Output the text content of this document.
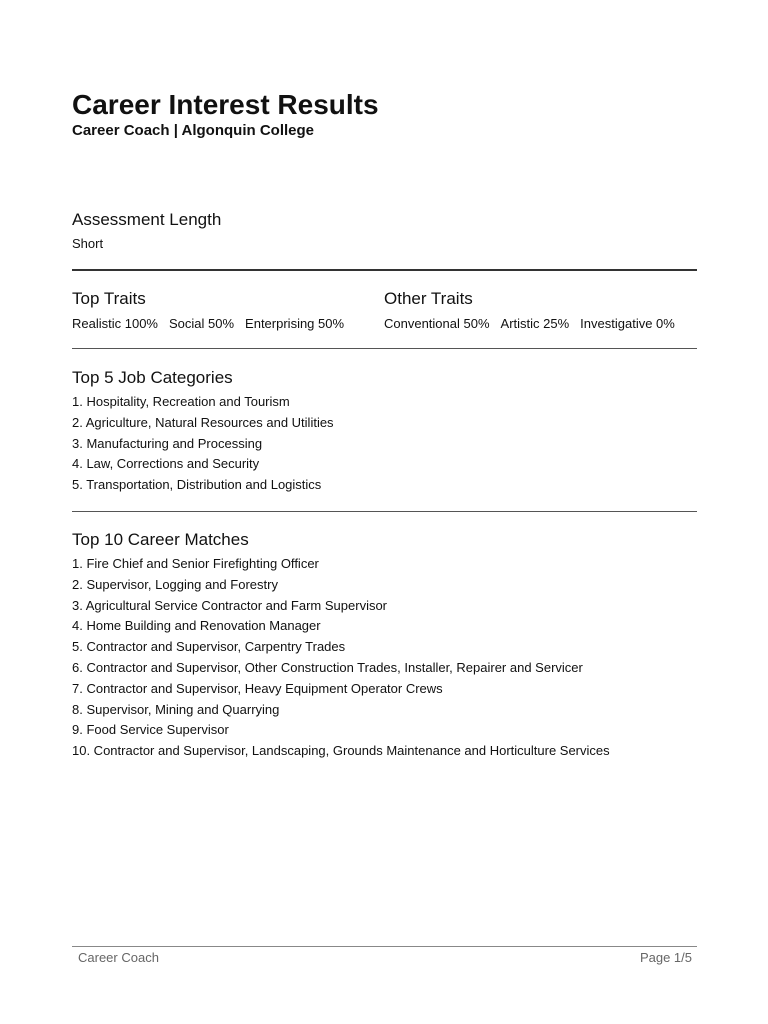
Career Interest Results
Career Coach | Algonquin College
Assessment Length
Short
Top Traits
Realistic 100% Social 50% Enterprising 50%
Other Traits
Conventional 50% Artistic 25% Investigative 0%
Top 5 Job Categories
1. Hospitality, Recreation and Tourism
2. Agriculture, Natural Resources and Utilities
3. Manufacturing and Processing
4. Law, Corrections and Security
5. Transportation, Distribution and Logistics
Top 10 Career Matches
1. Fire Chief and Senior Firefighting Officer
2. Supervisor, Logging and Forestry
3. Agricultural Service Contractor and Farm Supervisor
4. Home Building and Renovation Manager
5. Contractor and Supervisor, Carpentry Trades
6. Contractor and Supervisor, Other Construction Trades, Installer, Repairer and Servicer
7. Contractor and Supervisor, Heavy Equipment Operator Crews
8. Supervisor, Mining and Quarrying
9. Food Service Supervisor
10. Contractor and Supervisor, Landscaping, Grounds Maintenance and Horticulture Services
Career Coach	Page 1/5
